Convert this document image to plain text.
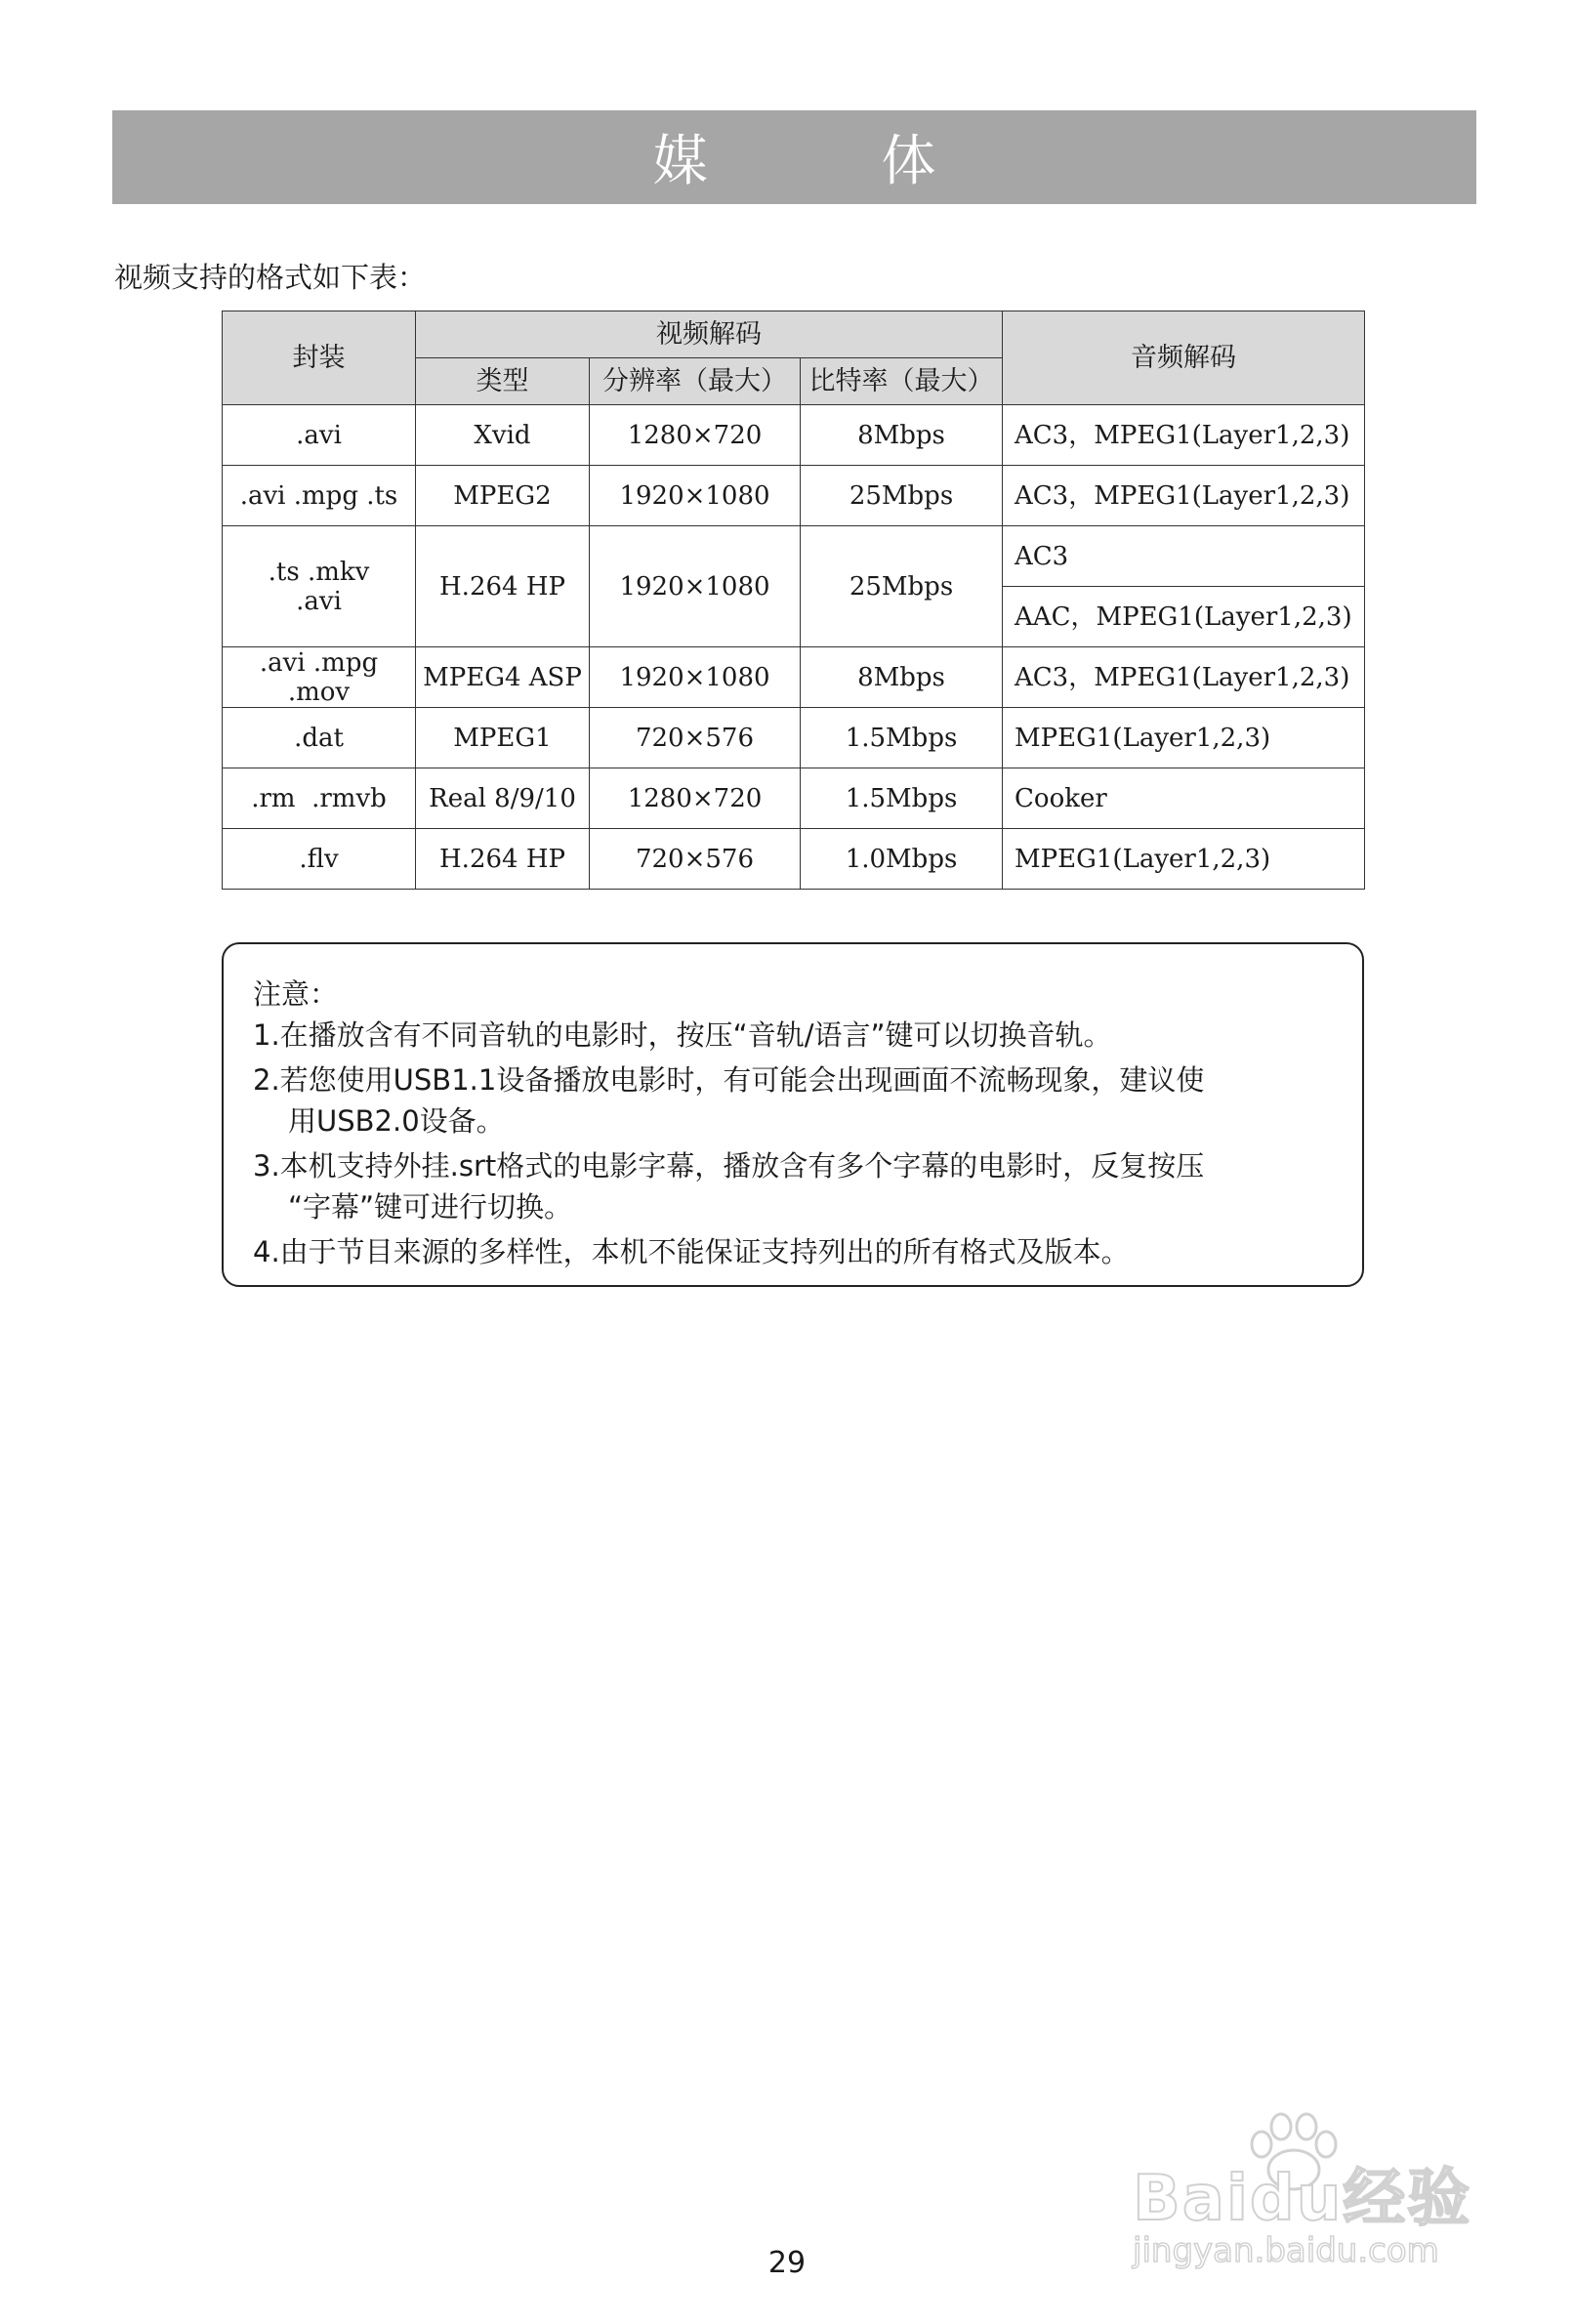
媒 体
视频支持的格式如下表：
封装	视频解码			音频解码
	类型	分辨率（最大）	比特率（最大）	
.avi	Xvid	1280×720	8Mbps	AC3，MPEG1(Layer1,2,3)
.avi .mpg .ts	MPEG2	1920×1080	25Mbps	AC3，MPEG1(Layer1,2,3)
.ts .mkv .avi	H.264 HP	1920×1080	25Mbps	AC3
				AAC，MPEG1(Layer1,2,3)
.avi .mpg .mov	MPEG4 ASP	1920×1080	8Mbps	AC3，MPEG1(Layer1,2,3)
.dat	MPEG1	720×576	1.5Mbps	MPEG1(Layer1,2,3)
.rm  .rmvb	Real 8/9/10	1280×720	1.5Mbps	Cooker
.flv	H.264 HP	720×576	1.0Mbps	MPEG1(Layer1,2,3)

注意：

1.在播放含有不同音轨的电影时，按压“音轨/语言”键可以切换音轨。

2.若您使用USB1.1设备播放电影时，有可能会出现画面不流畅现象，建议使

用USB2.0设备。

3.本机支持外挂.srt格式的电影字幕，播放含有多个字幕的电影时，反复按压

“字幕”键可进行切换。

4.由于节目来源的多样性，本机不能保证支持列出的所有格式及版本。

Baidu经验
jingyan.baidu.com
29
